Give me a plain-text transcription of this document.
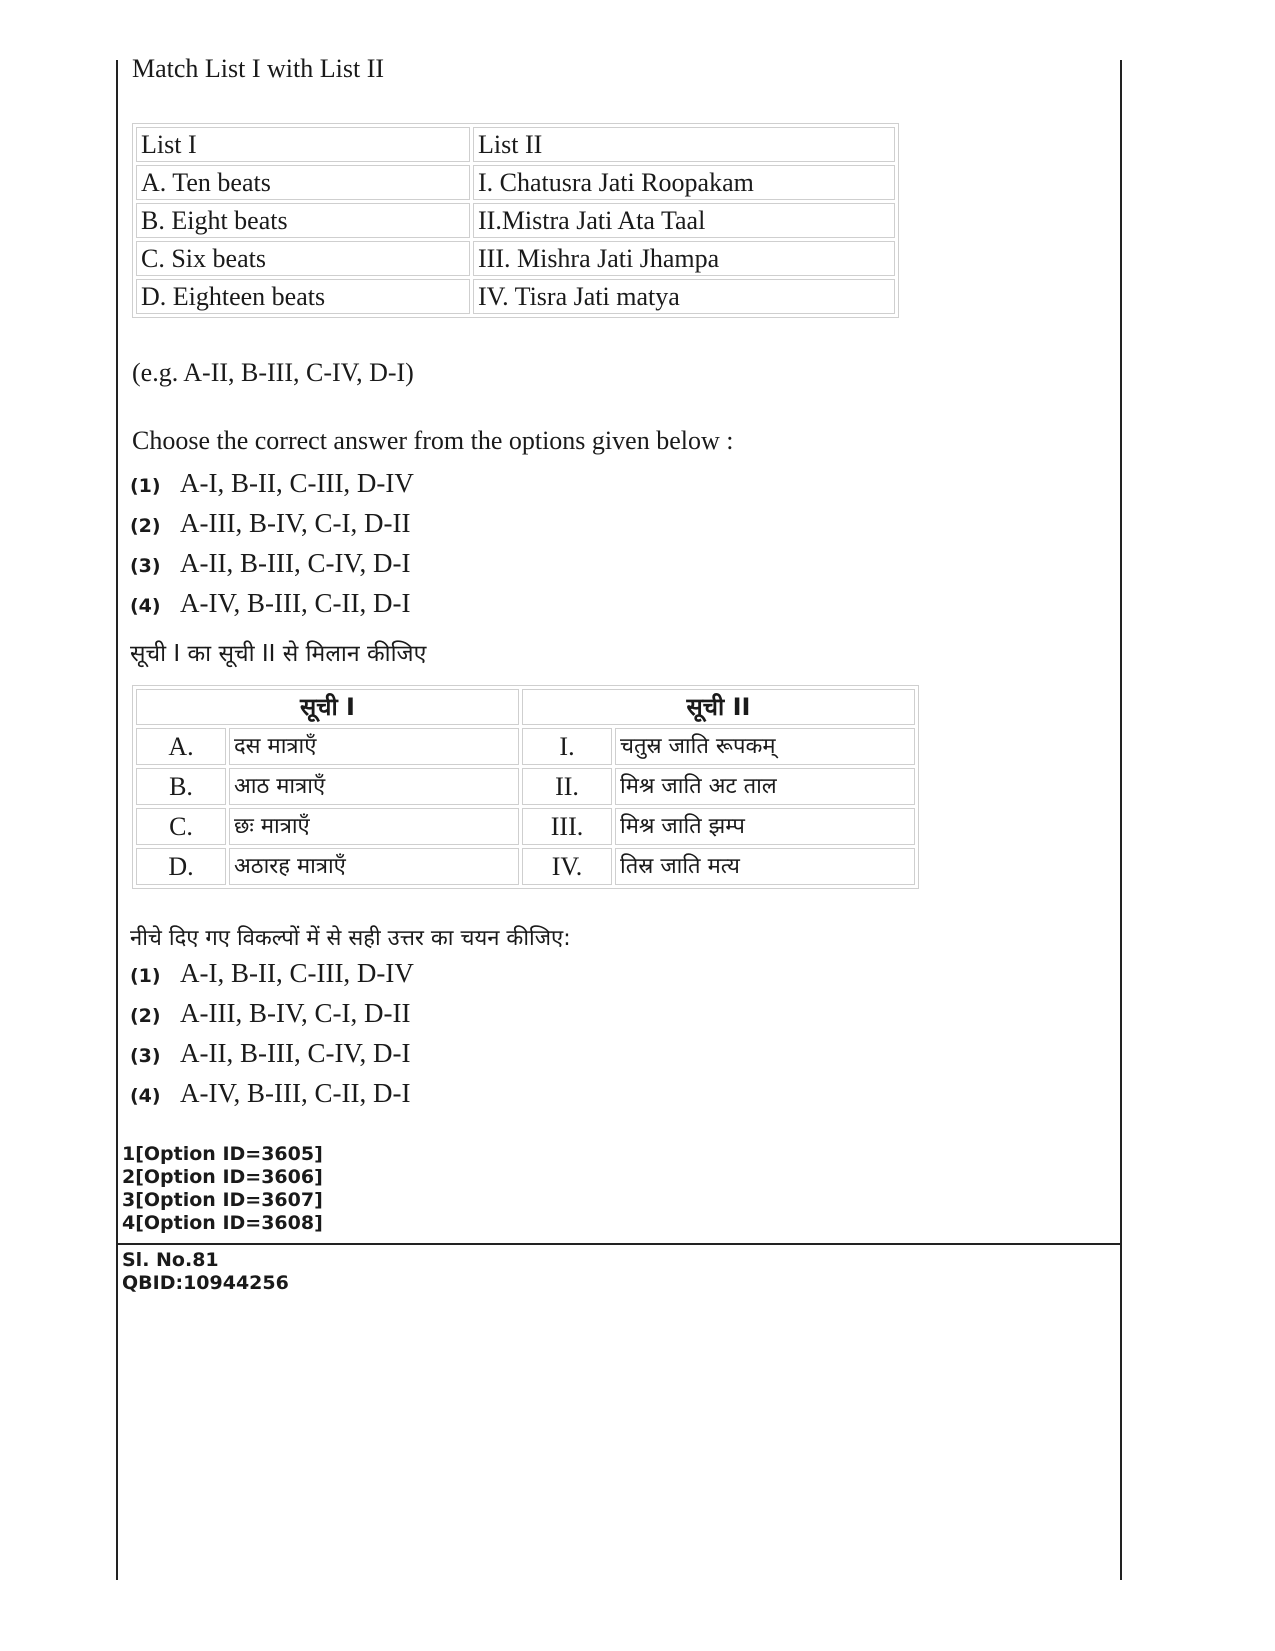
Match List I with List II
List I	List II
A. Ten beats	I. Chatusra Jati Roopakam
B. Eight beats	II.Mistra Jati Ata Taal
C. Six beats	III. Mishra Jati Jhampa
D. Eighteen beats	IV. Tisra Jati matya
(e.g. A-II, B-III, C-IV, D-I)
Choose the correct answer from the options given below :
(1) A-I, B-II, C-III, D-IV
(2) A-III, B-IV, C-I, D-II
(3) A-II, B-III, C-IV, D-I
(4) A-IV, B-III, C-II, D-I
सूची I का सूची II से मिलान कीजिए
सूची I		सूची II	
A.	दस मात्राएँ	I.	चतुस्र जाति रूपकम्
B.	आठ मात्राएँ	II.	मिश्र जाति अट ताल
C.	छः मात्राएँ	III.	मिश्र जाति झम्प
D.	अठारह मात्राएँ	IV.	तिस्र जाति मत्य
नीचे दिए गए विकल्पों में से सही उत्तर का चयन कीजिए:
(1) A-I, B-II, C-III, D-IV
(2) A-III, B-IV, C-I, D-II
(3) A-II, B-III, C-IV, D-I
(4) A-IV, B-III, C-II, D-I
1[Option ID=3605]
2[Option ID=3606]
3[Option ID=3607]
4[Option ID=3608]
Sl. No.81
QBID:10944256
